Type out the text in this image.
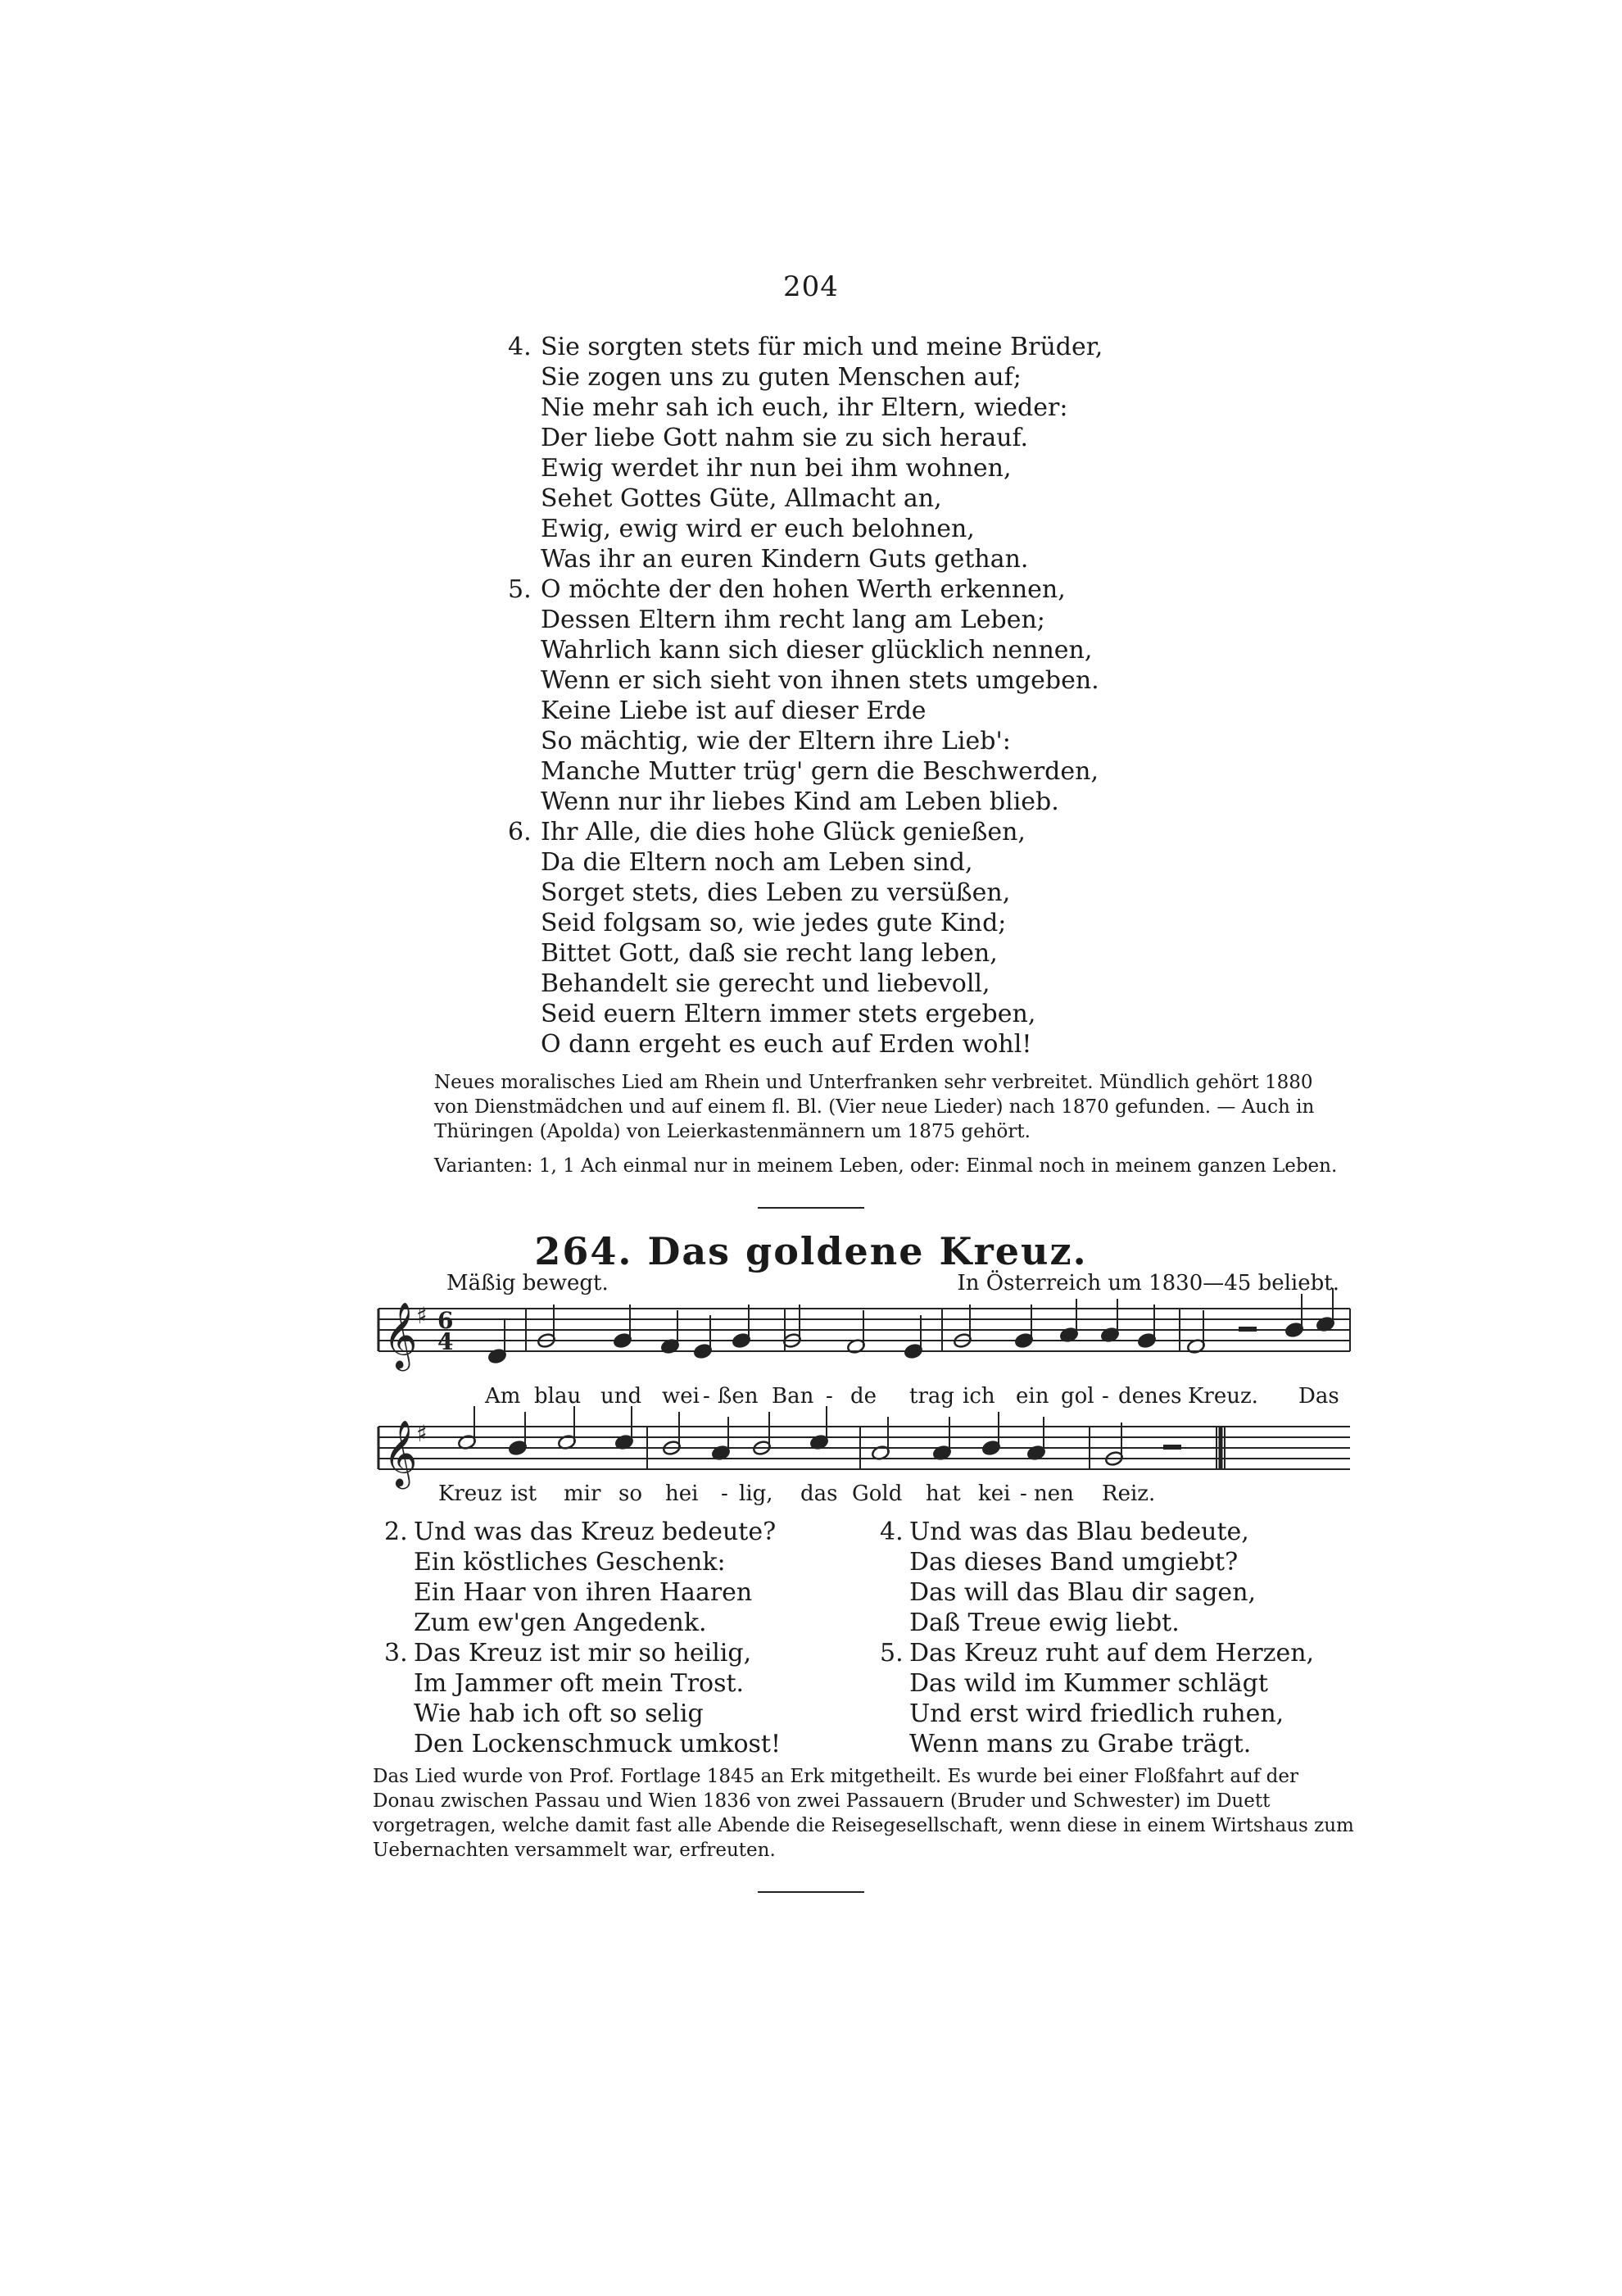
204
4. Sie sorgten stets für mich und meine Brüder,
Sie zogen uns zu guten Menschen auf;
Nie mehr sah ich euch, ihr Eltern, wieder:
Der liebe Gott nahm sie zu sich herauf.
Ewig werdet ihr nun bei ihm wohnen,
Sehet Gottes Güte, Allmacht an,
Ewig, ewig wird er euch belohnen,
Was ihr an euren Kindern Guts gethan.
5. O möchte der den hohen Werth erkennen,
Dessen Eltern ihm recht lang am Leben;
Wahrlich kann sich dieser glücklich nennen,
Wenn er sich sieht von ihnen stets umgeben.
Keine Liebe ist auf dieser Erde
So mächtig, wie der Eltern ihre Lieb':
Manche Mutter trüg' gern die Beschwerden,
Wenn nur ihr liebes Kind am Leben blieb.
6. Ihr Alle, die dies hohe Glück genießen,
Da die Eltern noch am Leben sind,
Sorget stets, dies Leben zu versüßen,
Seid folgsam so, wie jedes gute Kind;
Bittet Gott, daß sie recht lang leben,
Behandelt sie gerecht und liebevoll,
Seid euern Eltern immer stets ergeben,
O dann ergeht es euch auf Erden wohl!
Neues moralisches Lied am Rhein und Unterfranken sehr verbreitet. Mündlich gehört 1880 von Dienstmädchen und auf einem fl. Bl. (Vier neue Lieder) nach 1870 gefunden. — Auch in Thüringen (Apolda) von Leierkastenmännern um 1875 gehört.
Varianten: 1, 1 Ach einmal nur in meinem Leben, oder: Einmal noch in meinem ganzen Leben.
264. Das goldene Kreuz.
Mäßig bewegt.	In Österreich um 1830—45 beliebt.
𝄞
♯ 6
4
𝄞
♯
Am blau und wei - ßen Ban - de trag ich ein gol - denes Kreuz. Das
Kreuz ist mir so hei - lig, das Gold hat kei - nen Reiz.
2. Und was das Kreuz bedeute?
Ein köstliches Geschenk:
Ein Haar von ihren Haaren
Zum ew'gen Angedenk.
3. Das Kreuz ist mir so heilig,
Im Jammer oft mein Trost.
Wie hab ich oft so selig
Den Lockenschmuck umkost!
4. Und was das Blau bedeute,
Das dieses Band umgiebt?
Das will das Blau dir sagen,
Daß Treue ewig liebt.
5. Das Kreuz ruht auf dem Herzen,
Das wild im Kummer schlägt
Und erst wird friedlich ruhen,
Wenn mans zu Grabe trägt.
Das Lied wurde von Prof. Fortlage 1845 an Erk mitgetheilt. Es wurde bei einer Floßfahrt auf der Donau zwischen Passau und Wien 1836 von zwei Passauern (Bruder und Schwester) im Duett vorgetragen, welche damit fast alle Abende die Reisegesellschaft, wenn diese in einem Wirtshaus zum Uebernachten versammelt war, erfreuten.
